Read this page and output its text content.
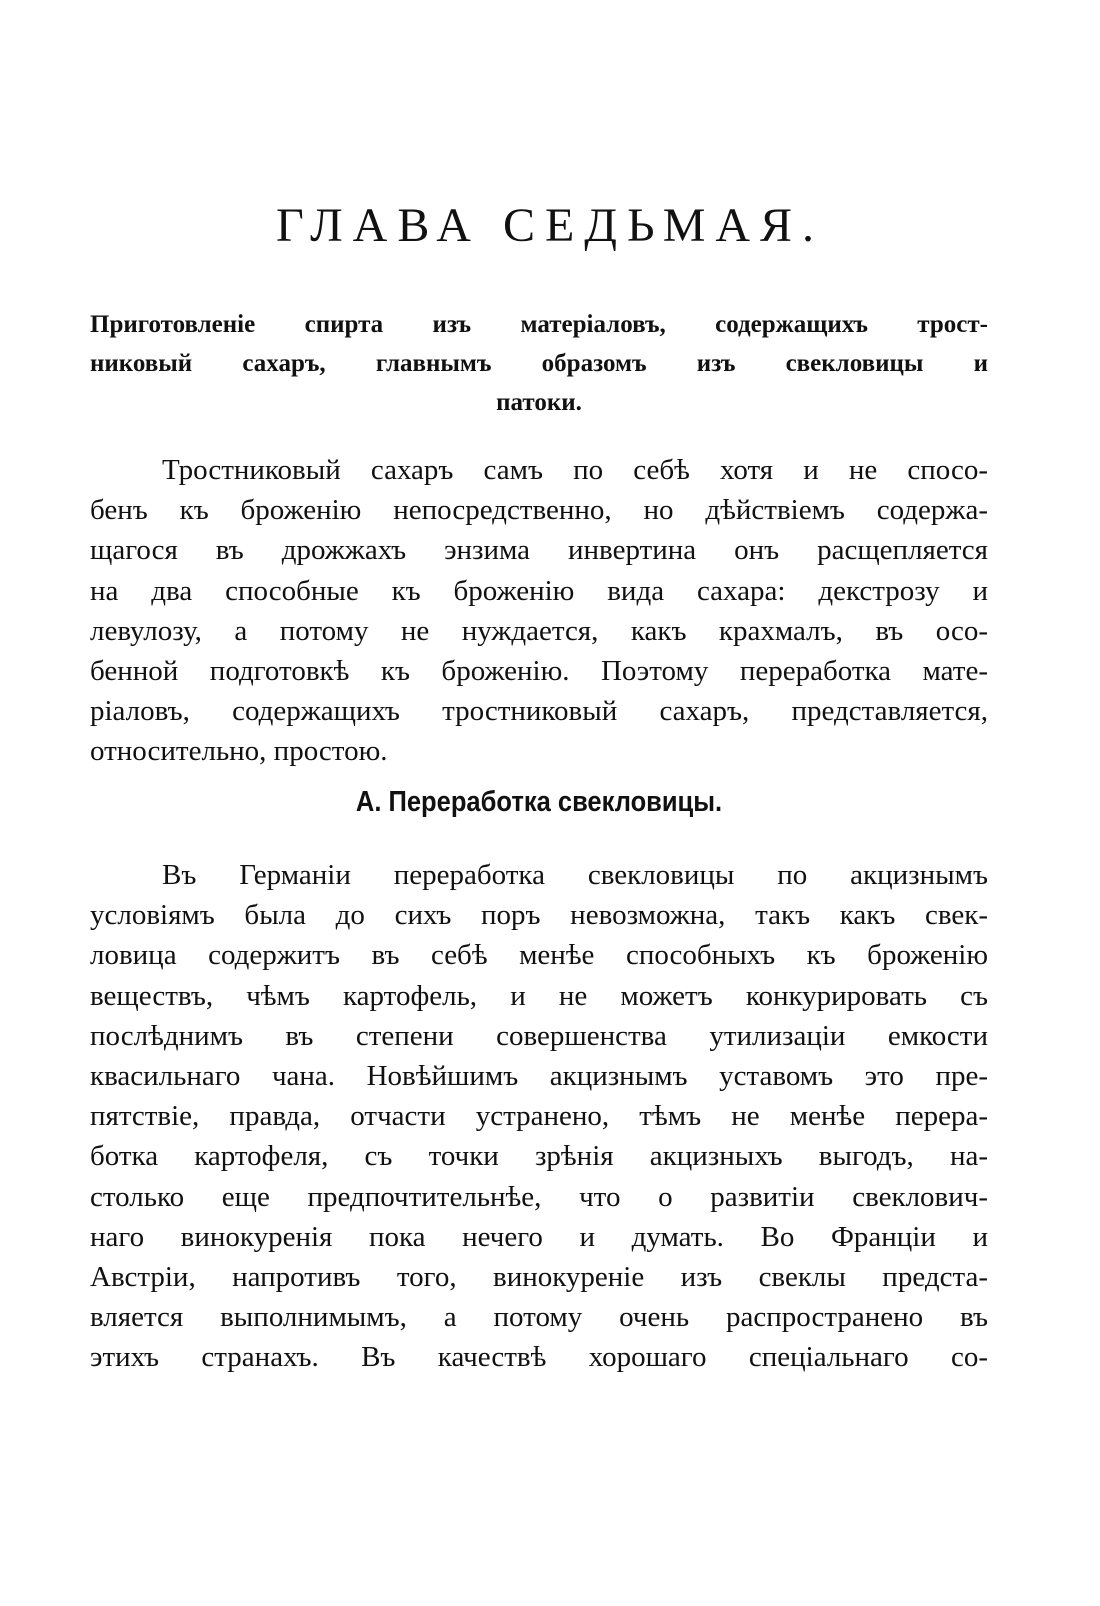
ГЛАВА СЕДЬМАЯ.
Приготовленіе спирта изъ матеріаловъ, содержащихъ трост-
никовый сахаръ, главнымъ образомъ изъ свекловицы и
патоки.
Тростниковый сахаръ самъ по себѣ хотя и не спосо-
бенъ къ броженію непосредственно, но дѣйствіемъ содержа-
щагося въ дрожжахъ энзима инвертина онъ расщепляется
на два способные къ броженію вида сахара: декстрозу и
левулозу, а потому не нуждается, какъ крахмалъ, въ осо-
бенной подготовкѣ къ броженію. Поэтому переработка мате-
ріаловъ, содержащихъ тростниковый сахаръ, представляется,
относительно, простою.
А. Переработка свекловицы.
Въ Германіи переработка свекловицы по акцизнымъ
условіямъ была до сихъ поръ невозможна, такъ какъ свек-
ловица содержитъ въ себѣ менѣе способныхъ къ броженію
веществъ, чѣмъ картофель, и не можетъ конкурировать съ
послѣднимъ въ степени совершенства утилизаціи емкости
квасильнаго чана. Новѣйшимъ акцизнымъ уставомъ это пре-
пятствіе, правда, отчасти устранено, тѣмъ не менѣе перера-
ботка картофеля, съ точки зрѣнія акцизныхъ выгодъ, на-
столько еще предпочтительнѣе, что о развитіи свеклович-
наго винокуренія пока нечего и думать. Во Франціи и
Австріи, напротивъ того, винокуреніе изъ свеклы предста-
вляется выполнимымъ, а потому очень распространено въ
этихъ странахъ. Въ качествѣ хорошаго спеціальнаго со-
